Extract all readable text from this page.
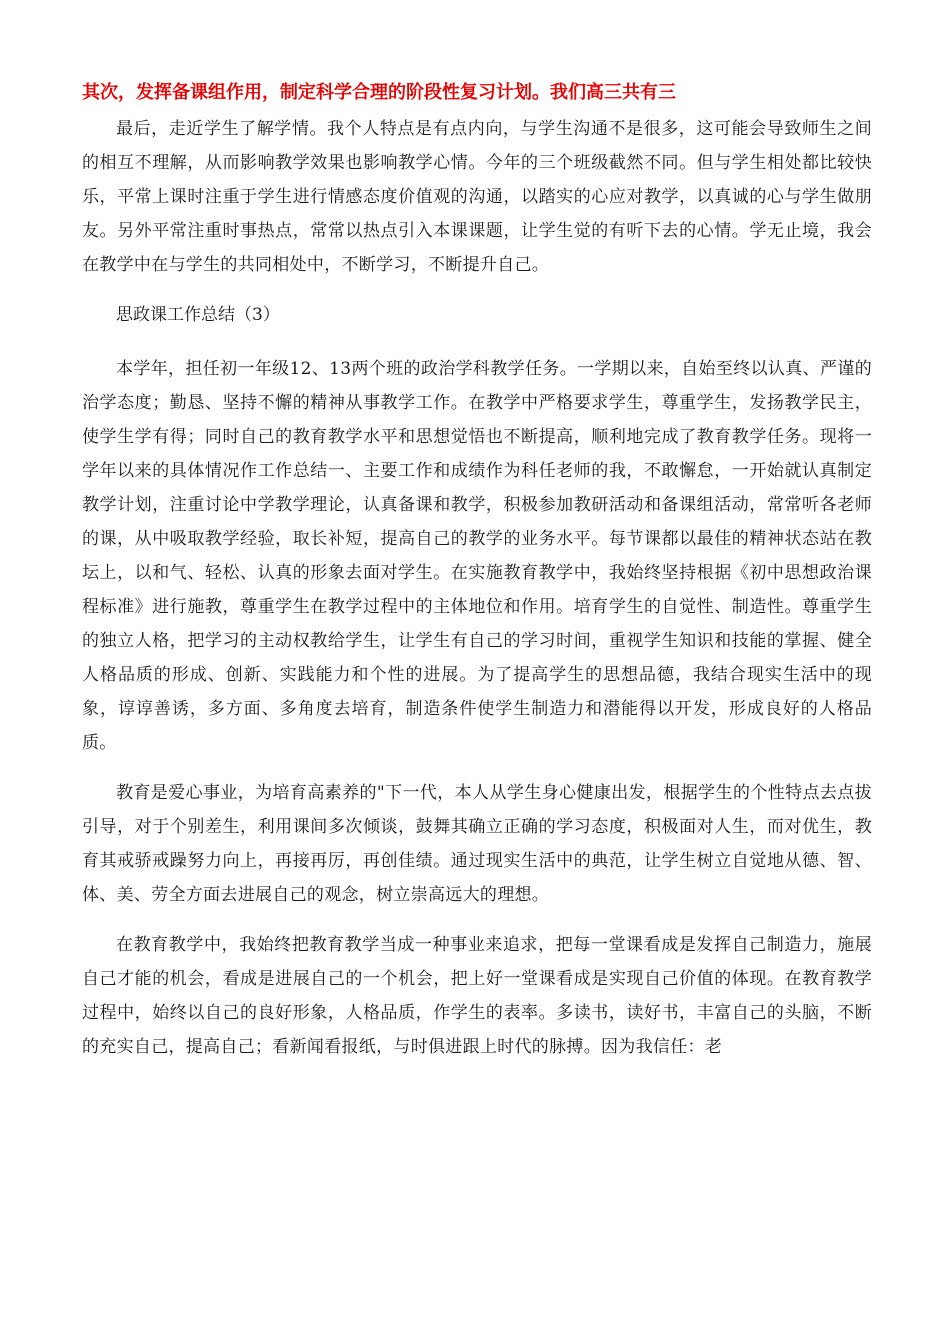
其次，发挥备课组作用，制定科学合理的阶段性复习计划。我们高三共有三

最后，走近学生了解学情。我个人特点是有点内向，与学生沟通不是很多，这可能会导致师生之间的相互不理解，从而影响教学效果也影响教学心情。今年的三个班级截然不同。但与学生相处都比较快乐，平常上课时注重于学生进行情感态度价值观的沟通，以踏实的心应对教学，以真诚的心与学生做朋友。另外平常注重时事热点，常常以热点引入本课课题，让学生觉的有听下去的心情。学无止境，我会在教学中在与学生的共同相处中，不断学习，不断提升自己。

思政课工作总结（3）

本学年，担任初一年级12、13两个班的政治学科教学任务。一学期以来，自始至终以认真、严谨的治学态度；勤恳、坚持不懈的精神从事教学工作。在教学中严格要求学生，尊重学生，发扬教学民主，使学生学有得；同时自己的教育教学水平和思想觉悟也不断提高，顺利地完成了教育教学任务。现将一学年以来的具体情况作工作总结一、主要工作和成绩作为科任老师的我，不敢懈怠，一开始就认真制定教学计划，注重讨论中学教学理论，认真备课和教学，积极参加教研活动和备课组活动，常常听各老师的课，从中吸取教学经验，取长补短，提高自己的教学的业务水平。每节课都以最佳的精神状态站在教坛上，以和气、轻松、认真的形象去面对学生。在实施教育教学中，我始终坚持根据《初中思想政治课程标准》进行施教，尊重学生在教学过程中的主体地位和作用。培育学生的自觉性、制造性。尊重学生的独立人格，把学习的主动权教给学生，让学生有自己的学习时间，重视学生知识和技能的掌握、健全人格品质的形成、创新、实践能力和个性的进展。为了提高学生的思想品德，我结合现实生活中的现象，谆谆善诱，多方面、多角度去培育，制造条件使学生制造力和潜能得以开发，形成良好的人格品质。

教育是爱心事业，为培育高素养的"下一代，本人从学生身心健康出发，根据学生的个性特点去点拔引导，对于个别差生，利用课间多次倾谈，鼓舞其确立正确的学习态度，积极面对人生，而对优生，教育其戒骄戒躁努力向上，再接再厉，再创佳绩。通过现实生活中的典范，让学生树立自觉地从德、智、体、美、劳全方面去进展自己的观念，树立崇高远大的理想。

在教育教学中，我始终把教育教学当成一种事业来追求，把每一堂课看成是发挥自己制造力，施展自己才能的机会，看成是进展自己的一个机会，把上好一堂课看成是实现自己价值的体现。在教育教学过程中，始终以自己的良好形象，人格品质，作学生的表率。多读书，读好书，丰富自己的头脑，不断的充实自己，提高自己；看新闻看报纸，与时俱进跟上时代的脉搏。因为我信任：老
